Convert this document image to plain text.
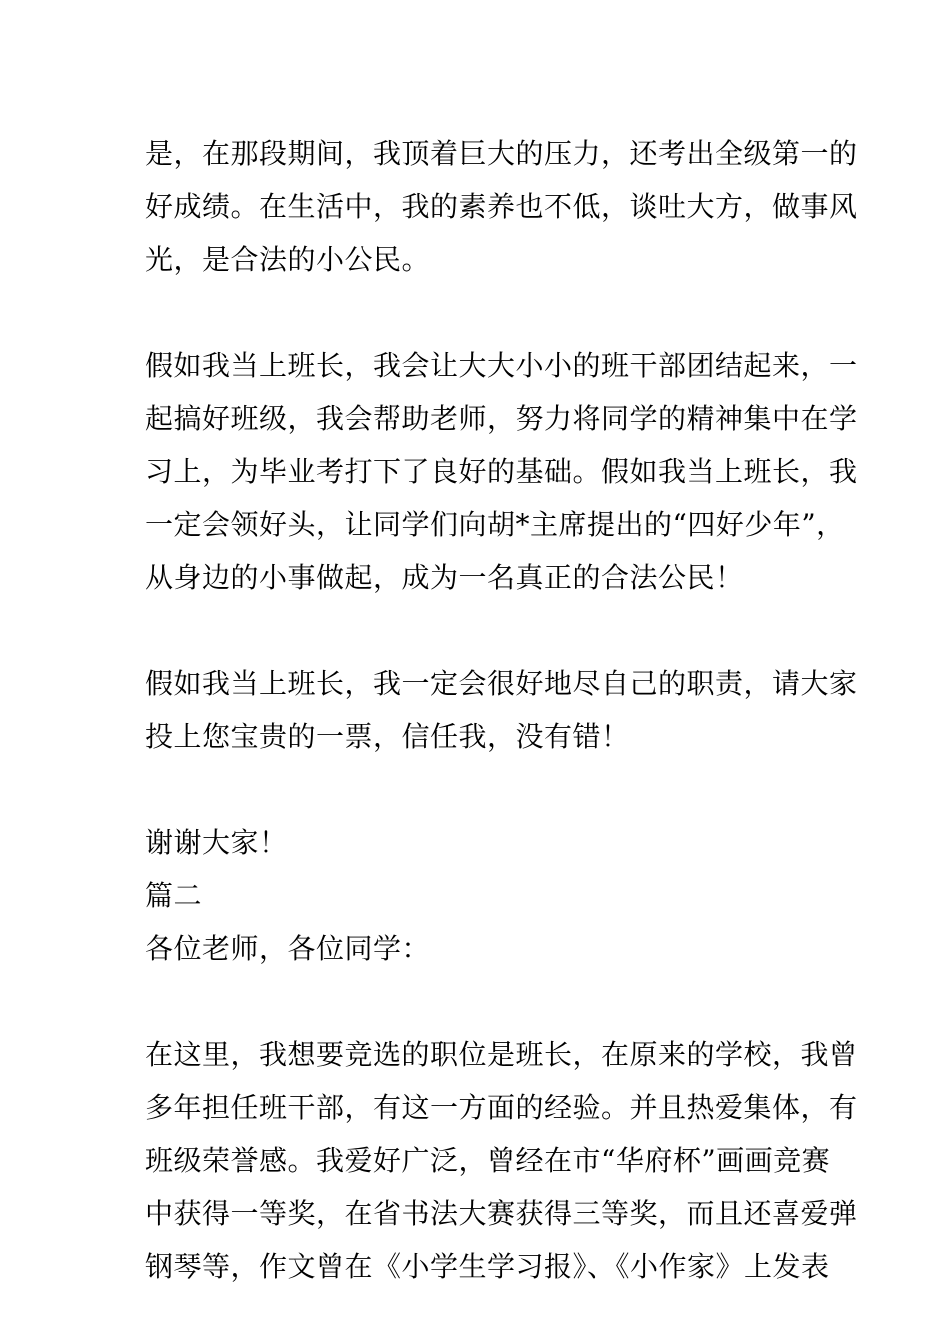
是，在那段期间，我顶着巨大的压力，还考出全级第一的
好成绩。在生活中，我的素养也不低，谈吐大方，做事风
光，是合法的小公民。
假如我当上班长，我会让大大小小的班干部团结起来，一
起搞好班级，我会帮助老师，努力将同学的精神集中在学
习上，为毕业考打下了良好的基础。假如我当上班长，我
一定会领好头，让同学们向胡*主席提出的“四好少年”，
从身边的小事做起，成为一名真正的合法公民！
假如我当上班长，我一定会很好地尽自己的职责，请大家
投上您宝贵的一票，信任我，没有错！
谢谢大家！
篇二
各位老师，各位同学：
在这里，我想要竞选的职位是班长，在原来的学校，我曾
多年担任班干部，有这一方面的经验。并且热爱集体，有
班级荣誉感。我爱好广泛，曾经在市“华府杯”画画竞赛
中获得一等奖，在省书法大赛获得三等奖，而且还喜爱弹
钢琴等，作文曾在《小学生学习报》、《小作家》上发表
